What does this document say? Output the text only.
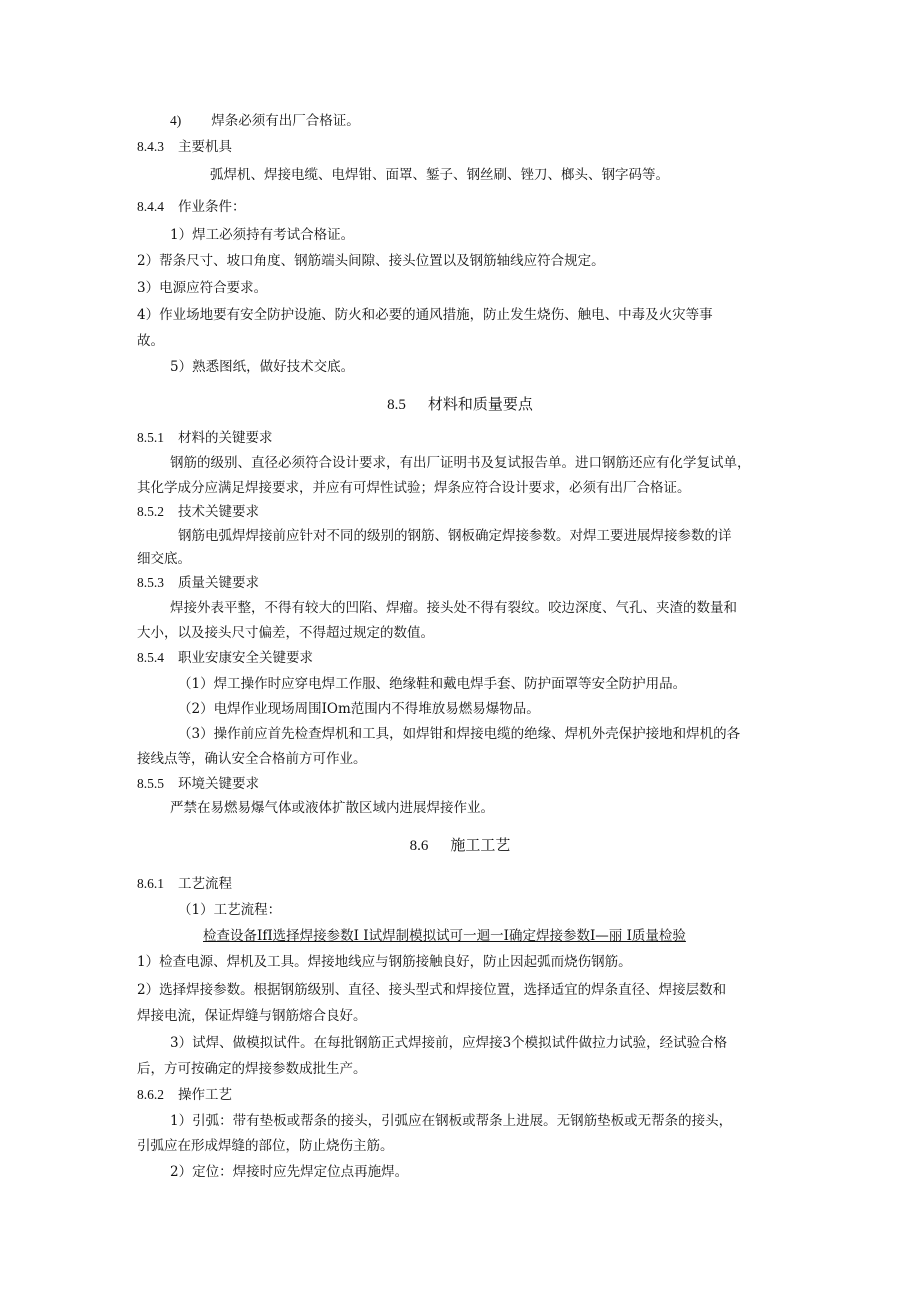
4) 焊条必须有出厂合格证。
8.4.3 主要机具
弧焊机、焊接电缆、电焊钳、面罩、錾子、钢丝刷、锉刀、榔头、钢字码等。
8.4.4 作业条件：
1）焊工必须持有考试合格证。
2）帮条尺寸、坡口角度、钢筋端头间隙、接头位置以及钢筋轴线应符合规定。
3）电源应符合要求。
4）作业场地要有安全防护设施、防火和必要的通风措施，防止发生烧伤、触电、中毒及火灾等事
故。
5）熟悉图纸，做好技术交底。
8.5 材料和质量要点
8.5.1 材料的关键要求
钢筋的级别、直径必须符合设计要求，有出厂证明书及复试报告单。进口钢筋还应有化学复试单，
其化学成分应满足焊接要求，并应有可焊性试验；焊条应符合设计要求，必须有出厂合格证。
8.5.2 技术关键要求
钢筋电弧焊焊接前应针对不同的级别的钢筋、钢板确定焊接参数。对焊工要进展焊接参数的详
细交底。
8.5.3 质量关键要求
焊接外表平整，不得有较大的凹陷、焊瘤。接头处不得有裂纹。咬边深度、气孔、夹渣的数量和
大小，以及接头尺寸偏差，不得超过规定的数值。
8.5.4 职业安康安全关键要求
（1）焊工操作时应穿电焊工作服、绝缘鞋和戴电焊手套、防护面罩等安全防护用品。
（2）电焊作业现场周围IOm范围内不得堆放易燃易爆物品。
（3）操作前应首先检查焊机和工具，如焊钳和焊接电缆的绝缘、焊机外壳保护接地和焊机的各
接线点等，确认安全合格前方可作业。
8.5.5 环境关键要求
严禁在易燃易爆气体或液体扩散区域内进展焊接作业。
8.6 施工工艺
8.6.1 工艺流程
（1）工艺流程：
检查设备IfI选择焊接参数I I试焊制模拟试可一迴一I确定焊接参数I—丽 I质量检验
1）检查电源、焊机及工具。焊接地线应与钢筋接触良好，防止因起弧而烧伤钢筋。
2）选择焊接参数。根据钢筋级别、直径、接头型式和焊接位置，选择适宜的焊条直径、焊接层数和
焊接电流，保证焊缝与钢筋熔合良好。
3）试焊、做模拟试件。在每批钢筋正式焊接前，应焊接3个模拟试件做拉力试验，经试验合格
后，方可按确定的焊接参数成批生产。
8.6.2 操作工艺
1）引弧：带有垫板或帮条的接头，引弧应在钢板或帮条上进展。无钢筋垫板或无帮条的接头，
引弧应在形成焊缝的部位，防止烧伤主筋。
2）定位：焊接时应先焊定位点再施焊。
